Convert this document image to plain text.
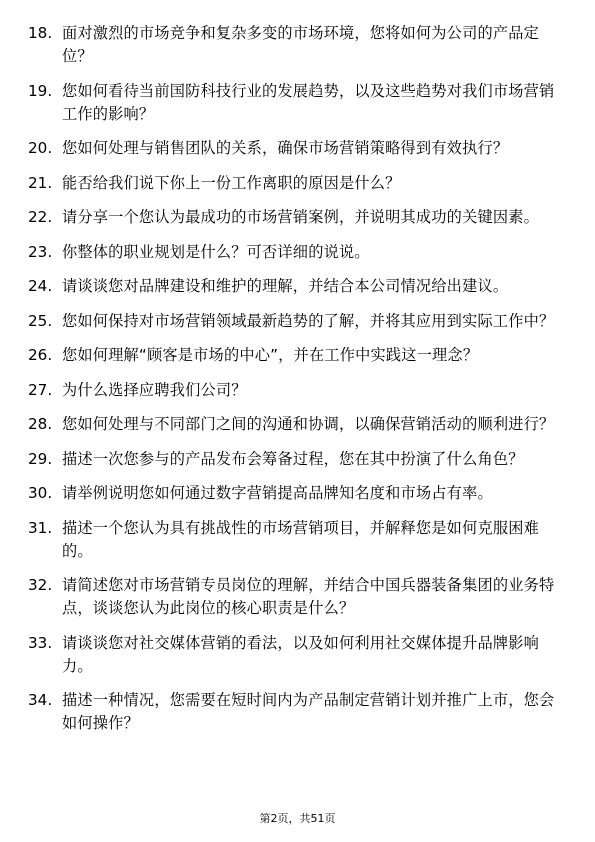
18. 面对激烈的市场竞争和复杂多变的市场环境，您将如何为公司的产品定位？
19. 您如何看待当前国防科技行业的发展趋势，以及这些趋势对我们市场营销工作的影响？
20. 您如何处理与销售团队的关系，确保市场营销策略得到有效执行？
21. 能否给我们说下你上一份工作离职的原因是什么？
22. 请分享一个您认为最成功的市场营销案例，并说明其成功的关键因素。
23. 你整体的职业规划是什么？可否详细的说说。
24. 请谈谈您对品牌建设和维护的理解，并结合本公司情况给出建议。
25. 您如何保持对市场营销领域最新趋势的了解，并将其应用到实际工作中？
26. 您如何理解“顾客是市场的中心”，并在工作中实践这一理念？
27. 为什么选择应聘我们公司？
28. 您如何处理与不同部门之间的沟通和协调，以确保营销活动的顺利进行？
29. 描述一次您参与的产品发布会筹备过程，您在其中扮演了什么角色？
30. 请举例说明您如何通过数字营销提高品牌知名度和市场占有率。
31. 描述一个您认为具有挑战性的市场营销项目，并解释您是如何克服困难的。
32. 请简述您对市场营销专员岗位的理解，并结合中国兵器装备集团的业务特点，谈谈您认为此岗位的核心职责是什么？
33. 请谈谈您对社交媒体营销的看法，以及如何利用社交媒体提升品牌影响力。
34. 描述一种情况，您需要在短时间内为产品制定营销计划并推广上市，您会如何操作？
第2页，共51页
